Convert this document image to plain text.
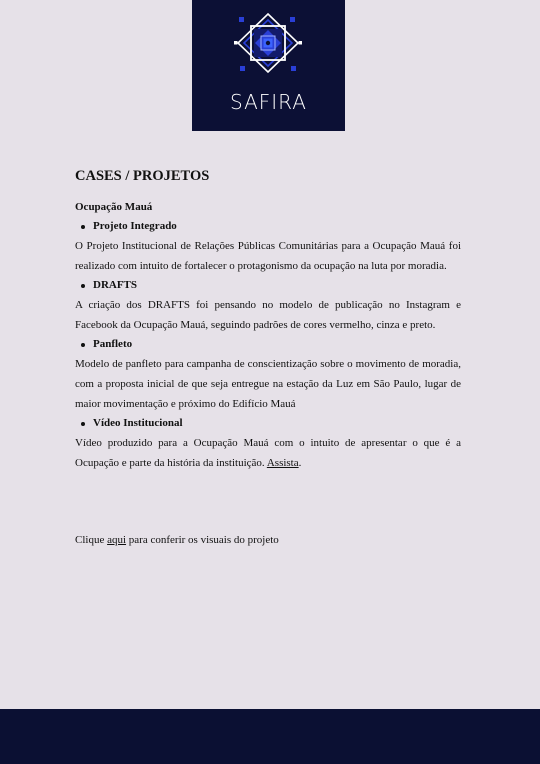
SAFIRA
CASES / PROJETOS
Ocupação Mauá
Projeto Integrado

O Projeto Institucional de Relações Públicas Comunitárias para a Ocupação Mauá foi realizado com intuito de fortalecer o protagonismo da ocupação na luta por moradia.

DRAFTS

A criação dos DRAFTS foi pensando no modelo de publicação no Instagram e Facebook da Ocupação Mauá, seguindo padrões de cores vermelho, cinza e preto.

Panfleto

Modelo de panfleto para campanha de conscientização sobre o movimento de moradia, com a proposta inicial de que seja entregue na estação da Luz em São Paulo, lugar de maior movimentação e próximo do Edifício Mauá

Vídeo Institucional

Vídeo produzido para a Ocupação Mauá com o intuito de apresentar o que é a Ocupação e parte da história da instituição. Assista.

Clique aqui para conferir os visuais do projeto
